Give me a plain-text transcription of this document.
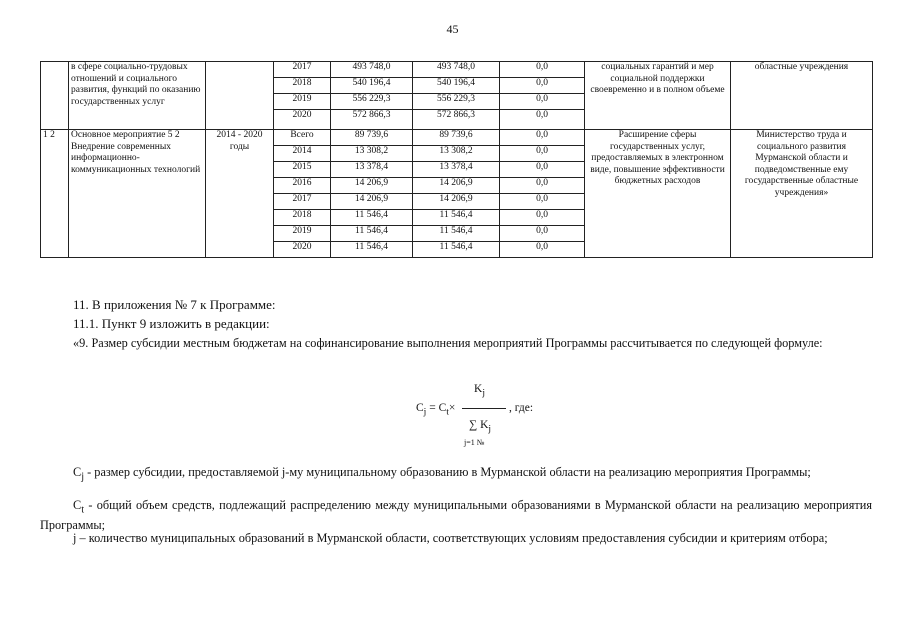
45
	в сфере социально-трудовых отношений и социального развития, функций по оказанию государственных услуг		2017	493 748,0	493 748,0	0,0	социальных гарантий и мер социальной поддержки своевременно и в полном объеме	областные учреждения
			2018	540 196,4	540 196,4	0,0		
			2019	556 229,3	556 229,3	0,0		
			2020	572 866,3	572 866,3	0,0		
1 2	Основное мероприятие 5 2 Внедрение современных информационно-коммуникационных технологий	2014 - 2020 годы	Всего	89 739,6	89 739,6	0,0	Расширение сферы государственных услуг, предоставляемых в электронном виде, повышение эффективности бюджетных расходов	Министерство труда и социального развития Мурманской области и подведомственные ему государственные областные учреждения»
			2014	13 308,2	13 308,2	0,0		
			2015	13 378,4	13 378,4	0,0		
			2016	14 206,9	14 206,9	0,0		
			2017	14 206,9	14 206,9	0,0		
			2018	11 546,4	11 546,4	0,0		
			2019	11 546,4	11 546,4	0,0		
			2020	11 546,4	11 546,4	0,0		
11. В приложения № 7 к Программе:
11.1. Пункт 9 изложить в редакции:
«9. Размер субсидии местным бюджетам на софинансирование выполнения мероприятий Программы рассчитывается по следующей формуле:
$K_j$
$C_j = C_t\times$	, где:
∑ $K_j$
j=1 №
$C_j$ - размер субсидии, предоставляемой j-му муниципальному образованию в Мурманской области на реализацию мероприятия Программы;
$C_t$ - общий объем средств, подлежащий распределению между муниципальными образованиями в Мурманской области на реализацию мероприятия Программы;
j – количество муниципальных образований в Мурманской области, соответствующих условиям предоставления субсидии и критериям отбора;
